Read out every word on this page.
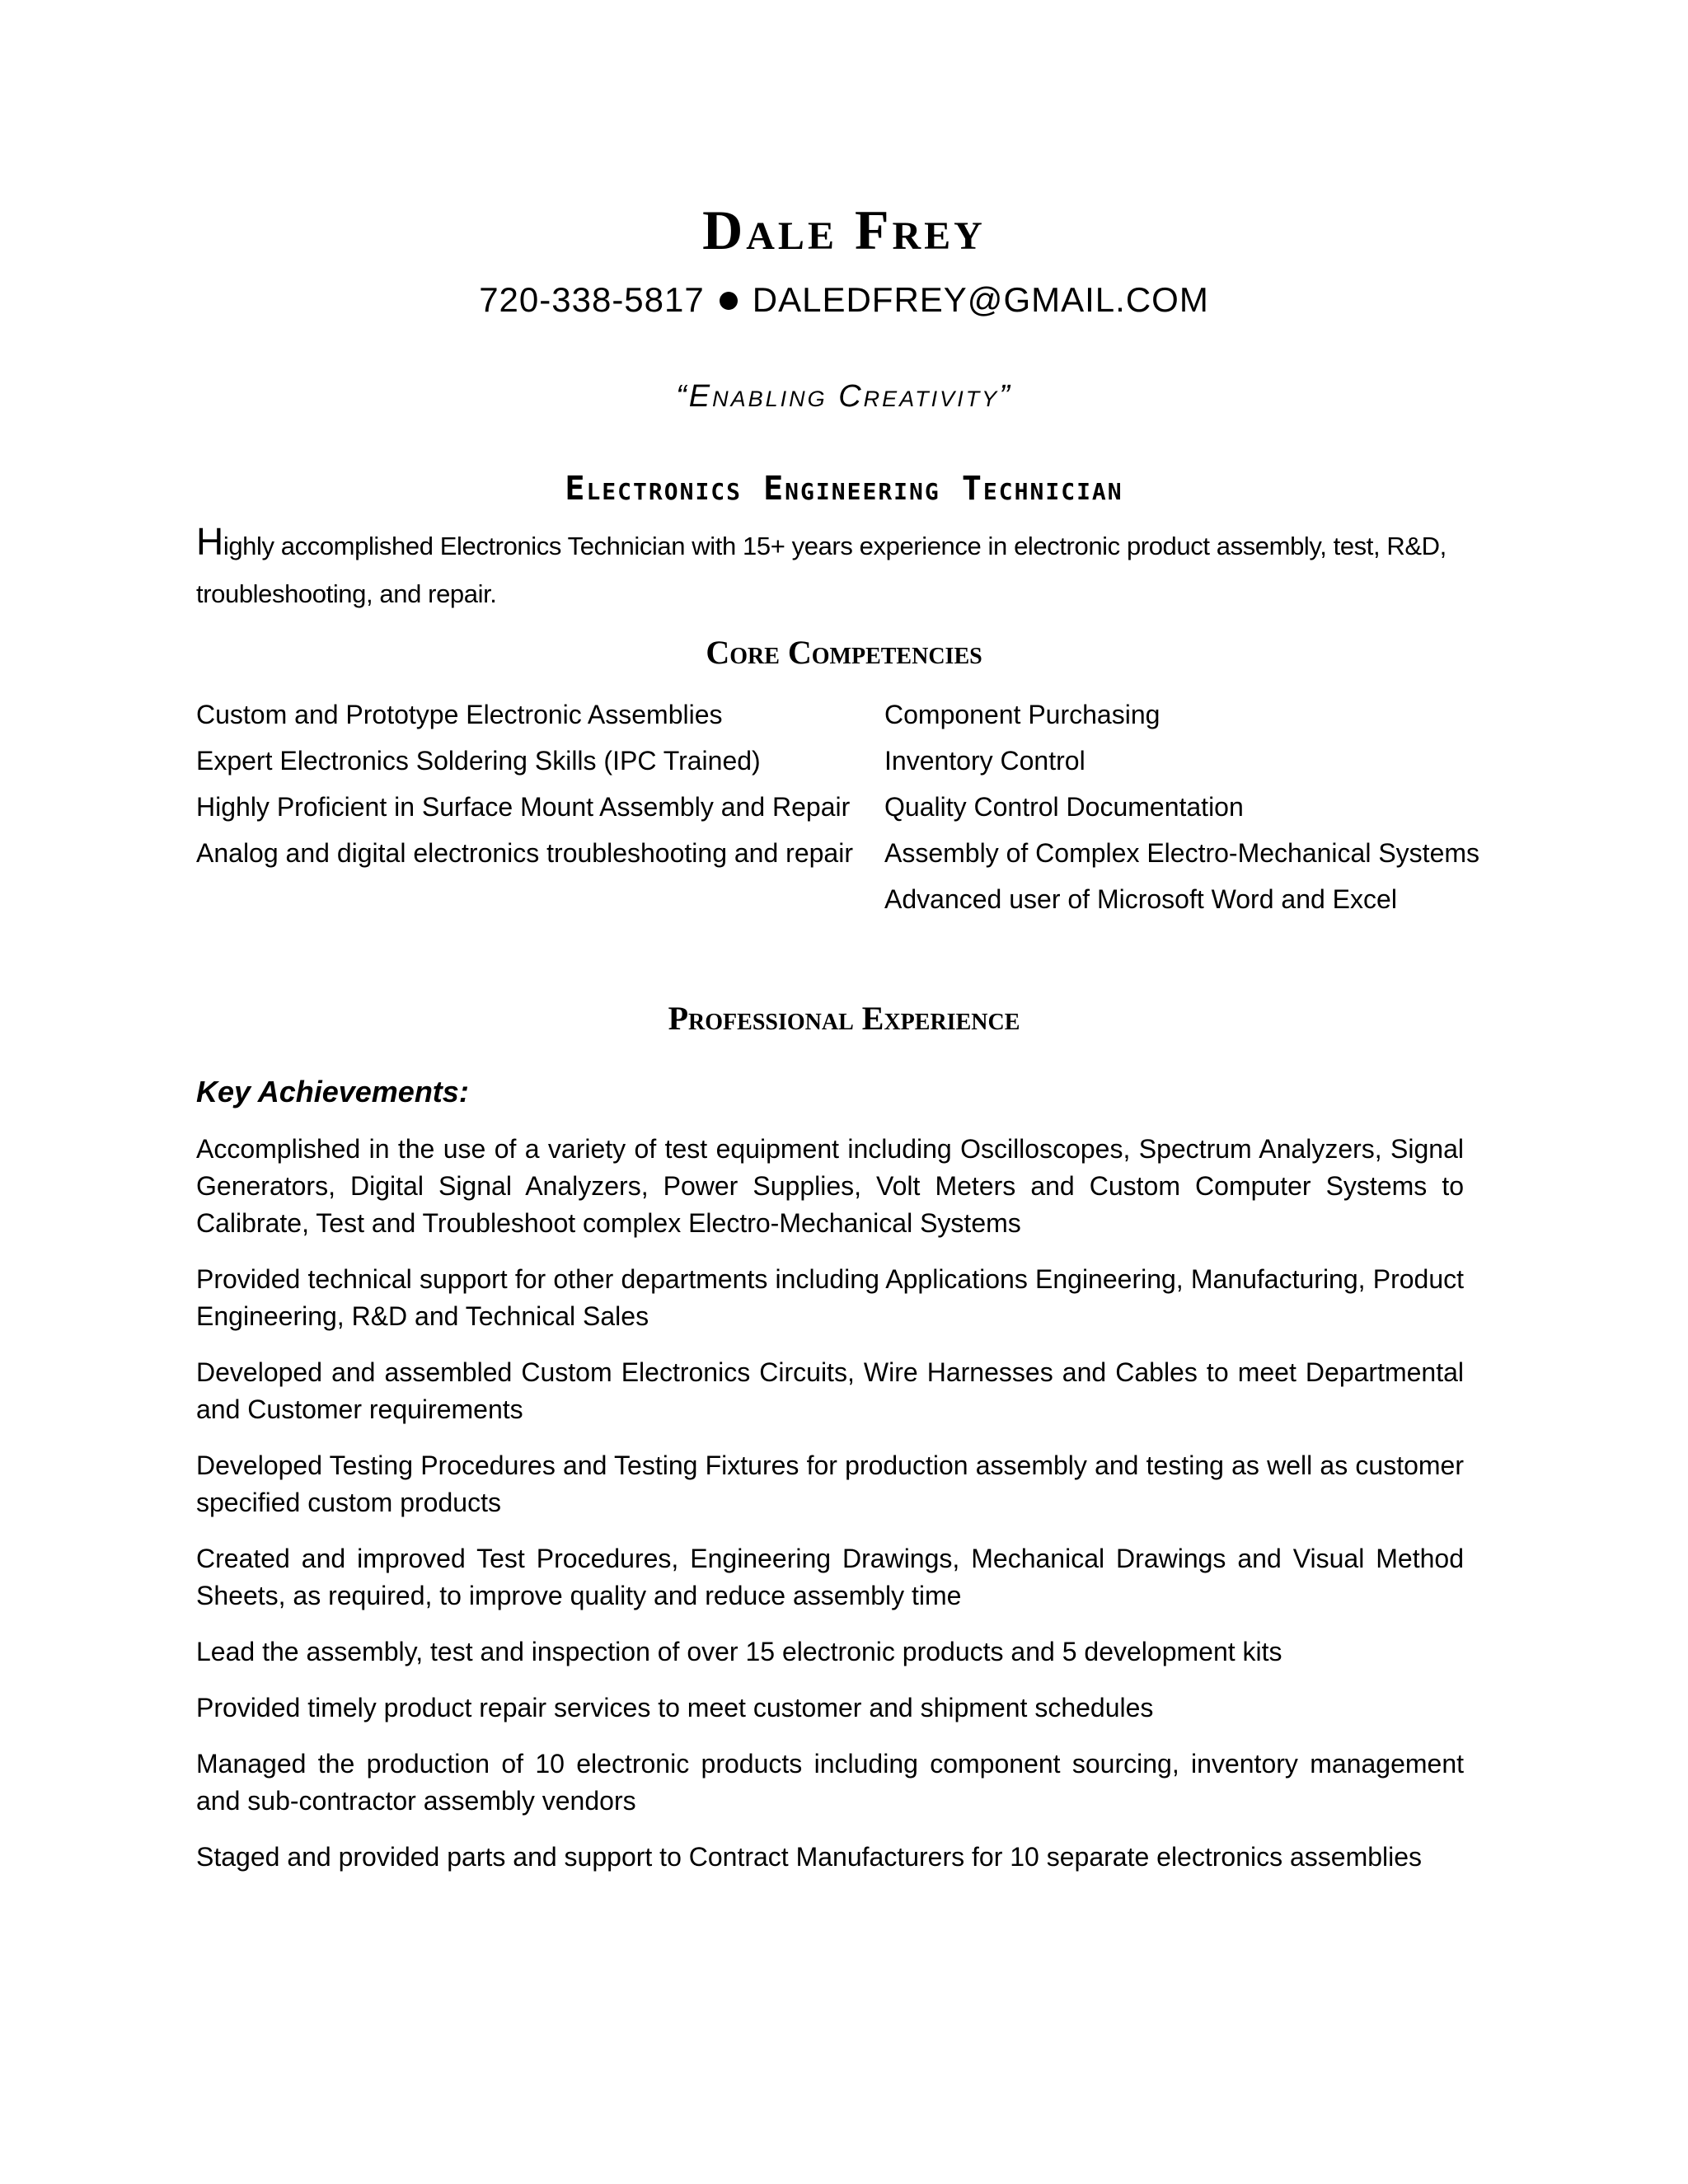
Dale Frey
720-338-5817 DALEDFREY@GMAIL.COM
“Enabling Creativity”
Electronics Engineering Technician
Highly accomplished Electronics Technician with 15+ years experience in electronic product assembly, test, R&D, troubleshooting, and repair.
Core Competencies
Custom and Prototype Electronic Assemblies
Expert Electronics Soldering Skills (IPC Trained)
Highly Proficient in Surface Mount Assembly and Repair
Analog and digital electronics troubleshooting and repair
Component Purchasing
Inventory Control
Quality Control Documentation
Assembly of Complex Electro-Mechanical Systems
Advanced user of Microsoft Word and Excel
Professional Experience
Key Achievements:
Accomplished in the use of a variety of test equipment including Oscilloscopes, Spectrum Analyzers, Signal Generators, Digital Signal Analyzers, Power Supplies, Volt Meters and Custom Computer Systems to Calibrate, Test and Troubleshoot complex Electro-Mechanical Systems
Provided technical support for other departments including Applications Engineering, Manufacturing, Product Engineering, R&D and Technical Sales
Developed and assembled Custom Electronics Circuits, Wire Harnesses and Cables to meet Departmental and Customer requirements
Developed Testing Procedures and Testing Fixtures for production assembly and testing as well as customer specified custom products
Created and improved Test Procedures, Engineering Drawings, Mechanical Drawings and Visual Method Sheets, as required, to improve quality and reduce assembly time
Lead the assembly, test and inspection of over 15 electronic products and 5 development kits
Provided timely product repair services to meet customer and shipment schedules
Managed the production of 10 electronic products including component sourcing, inventory management and sub-contractor assembly vendors
Staged and provided parts and support to Contract Manufacturers for 10 separate electronics assemblies
